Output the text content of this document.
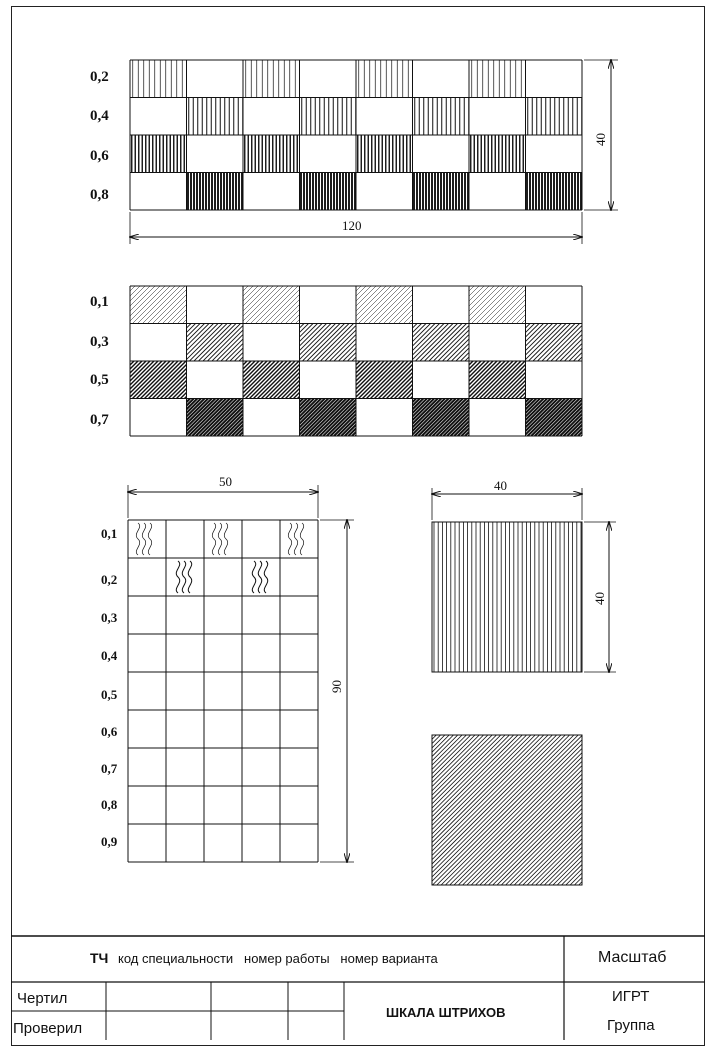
0,2
0,4
0,6
0,8
120
40
0,1
0,3
0,5
0,7
0,1
0,2
0,3
0,4
0,5
0,6
0,7
0,8
0,9
50
90
40
40
ТЧ код специальности   номер работы   номер варианта	Масштаб
Чертил
Проверил
ШКАЛА ШТРИХОВ
ИГРТ
Группа
